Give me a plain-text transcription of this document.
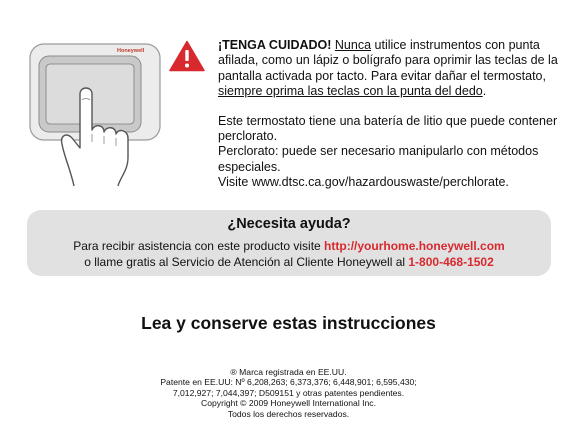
Honeywell	¡TENGA CUIDADO! Nunca utilice instrumentos con punta afilada, como un lápiz o bolígrafo para oprimir las teclas de la pantalla activada por tacto. Para evitar dañar el termostato, siempre oprima las teclas con la punta del dedo.

Este termostato tiene una batería de litio que puede contener perclorato.

Perclorato: puede ser necesario manipularlo con métodos especiales.

Visite www.dtsc.ca.gov/hazardouswaste/perchlorate.

¿Necesita ayuda?
Para recibir asistencia con este producto visite http://yourhome.honeywell.com
o llame gratis al Servicio de Atención al Cliente Honeywell al 1-800-468-1502
Lea y conserve estas instrucciones
® Marca registrada en EE.UU.
Patente en EE.UU: Nº 6,208,263; 6,373,376; 6,448,901; 6,595,430;
7,012,927; 7,044,397; D509151 y otras patentes pendientes.
Copyright © 2009 Honeywell International Inc.
Todos los derechos reservados.
